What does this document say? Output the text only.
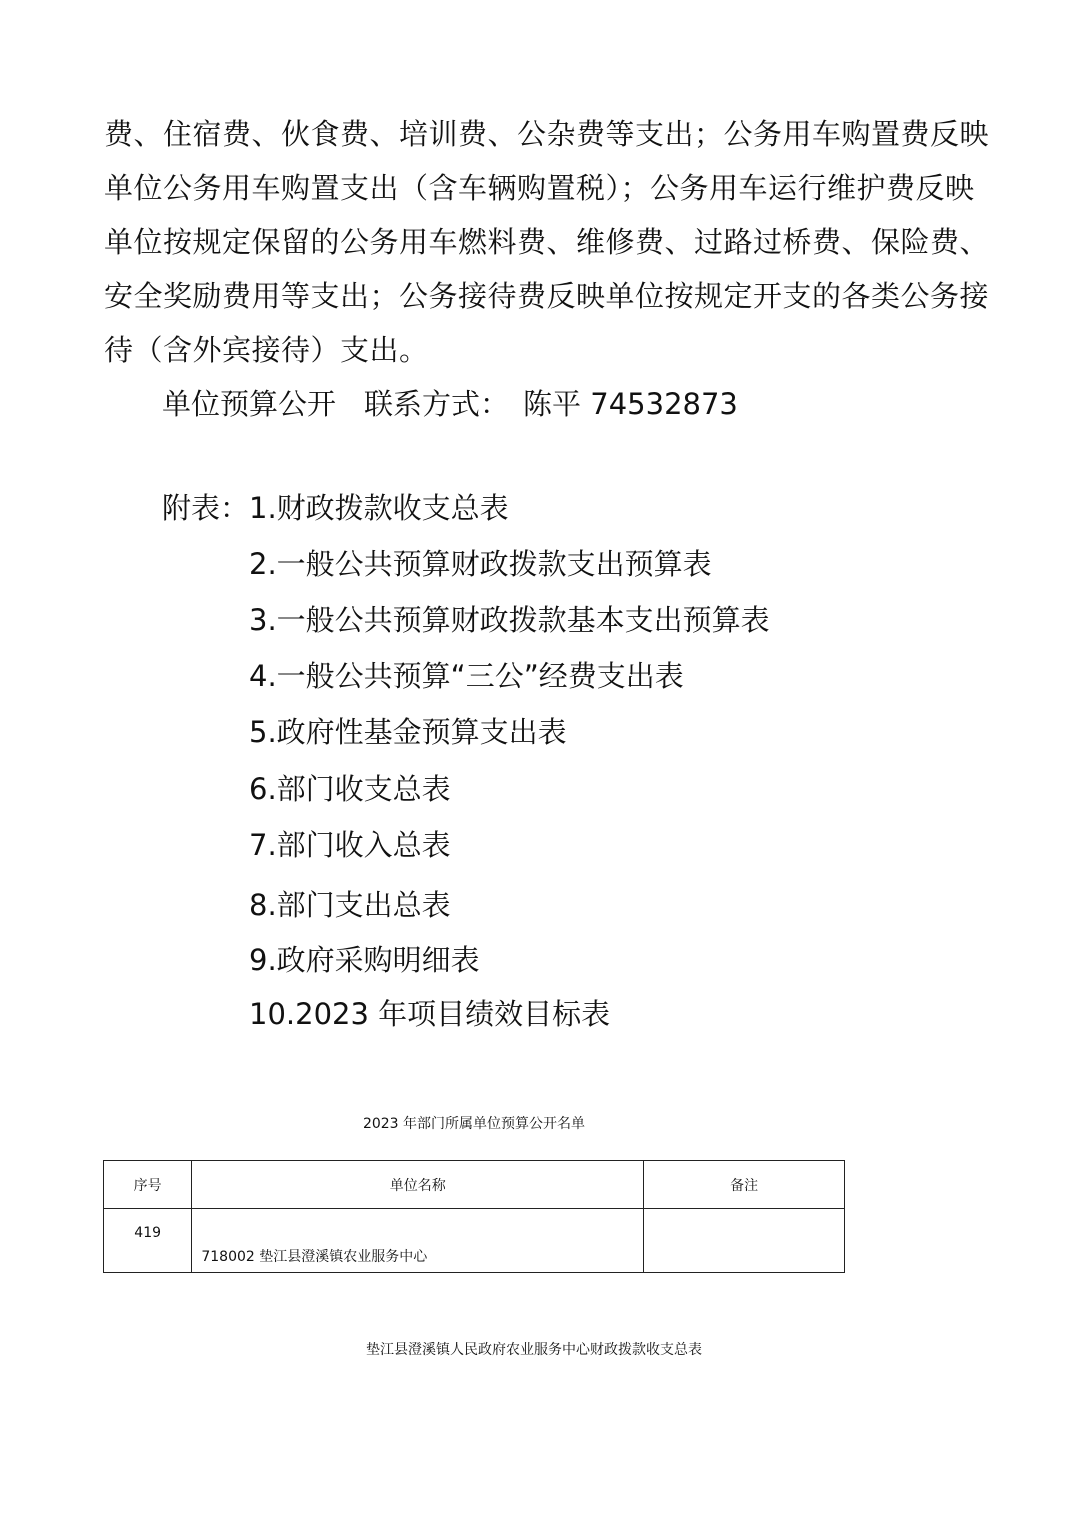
费、住宿费、伙食费、培训费、公杂费等支出；公务用车购置费反映
单位公务用车购置支出（含车辆购置税）；公务用车运行维护费反映
单位按规定保留的公务用车燃料费、维修费、过路过桥费、保险费、
安全奖励费用等支出；公务接待费反映单位按规定开支的各类公务接
待（含外宾接待）支出。
单位预算公开 联系方式： 陈平 74532873
附表： 1.财政拨款收支总表
2.一般公共预算财政拨款支出预算表
3.一般公共预算财政拨款基本支出预算表
4.一般公共预算“三公”经费支出表
5.政府性基金预算支出表
6.部门收支总表
7.部门收入总表
8.部门支出总表
9.政府采购明细表
10.2023 年项目绩效目标表
2023 年部门所属单位预算公开名单
序号	单位名称	备注
419	718002 垫江县澄溪镇农业服务中心	
垫江县澄溪镇人民政府农业服务中心财政拨款收支总表
